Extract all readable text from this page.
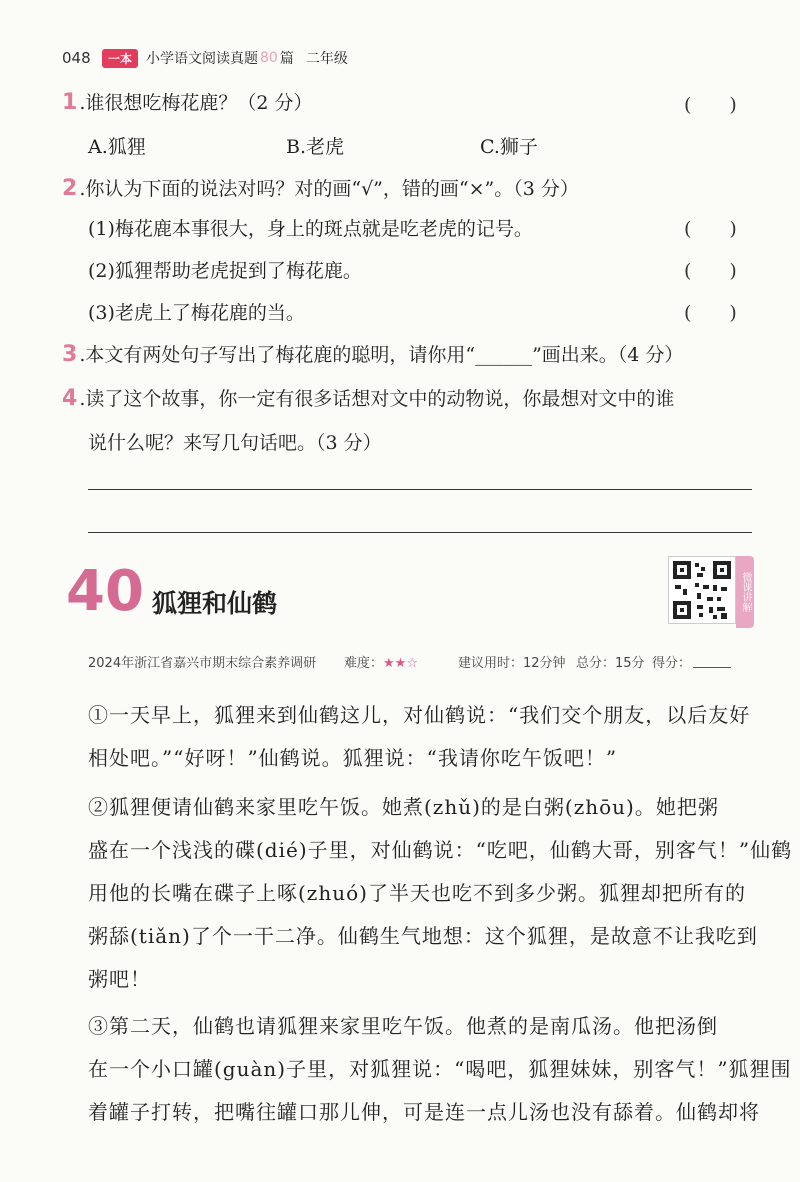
048	一本	小学语文阅读真题 80 篇 二年级
1 .谁很想吃梅花鹿？（2 分）	(　　)
A.狐狸	B.老虎	C.狮子
2 .你认为下面的说法对吗？对的画“√”，错的画“×”。（3 分）
(1)梅花鹿本事很大，身上的斑点就是吃老虎的记号。	(　　)
(2)狐狸帮助老虎捉到了梅花鹿。	(　　)
(3)老虎上了梅花鹿的当。	(　　)
3 .本文有两处句子写出了梅花鹿的聪明，请你用“______”画出来。（4 分）
4 .读了这个故事，你一定有很多话想对文中的动物说，你最想对文中的谁
说什么呢？来写几句话吧。（3 分）
40 狐狸和仙鹤	微课讲解
2024年浙江省嘉兴市期末综合素养调研	难度：★★☆	建议用时：12分钟 总分：15分 得分：
①一天早上，狐狸来到仙鹤这儿，对仙鹤说：“我们交个朋友，以后友好
相处吧。”“好呀！”仙鹤说。狐狸说：“我请你吃午饭吧！”
②狐狸便请仙鹤来家里吃午饭。她煮(zhǔ)的是白粥(zhōu)。她把粥
盛在一个浅浅的碟(dié)子里，对仙鹤说：“吃吧，仙鹤大哥，别客气！”仙鹤
用他的长嘴在碟子上啄(zhuó)了半天也吃不到多少粥。狐狸却把所有的
粥舔(tiǎn)了个一干二净。仙鹤生气地想：这个狐狸，是故意不让我吃到
粥吧！
③第二天，仙鹤也请狐狸来家里吃午饭。他煮的是南瓜汤。他把汤倒
在一个小口罐(guàn)子里，对狐狸说：“喝吧，狐狸妹妹，别客气！”狐狸围
着罐子打转，把嘴往罐口那儿伸，可是连一点儿汤也没有舔着。仙鹤却将
